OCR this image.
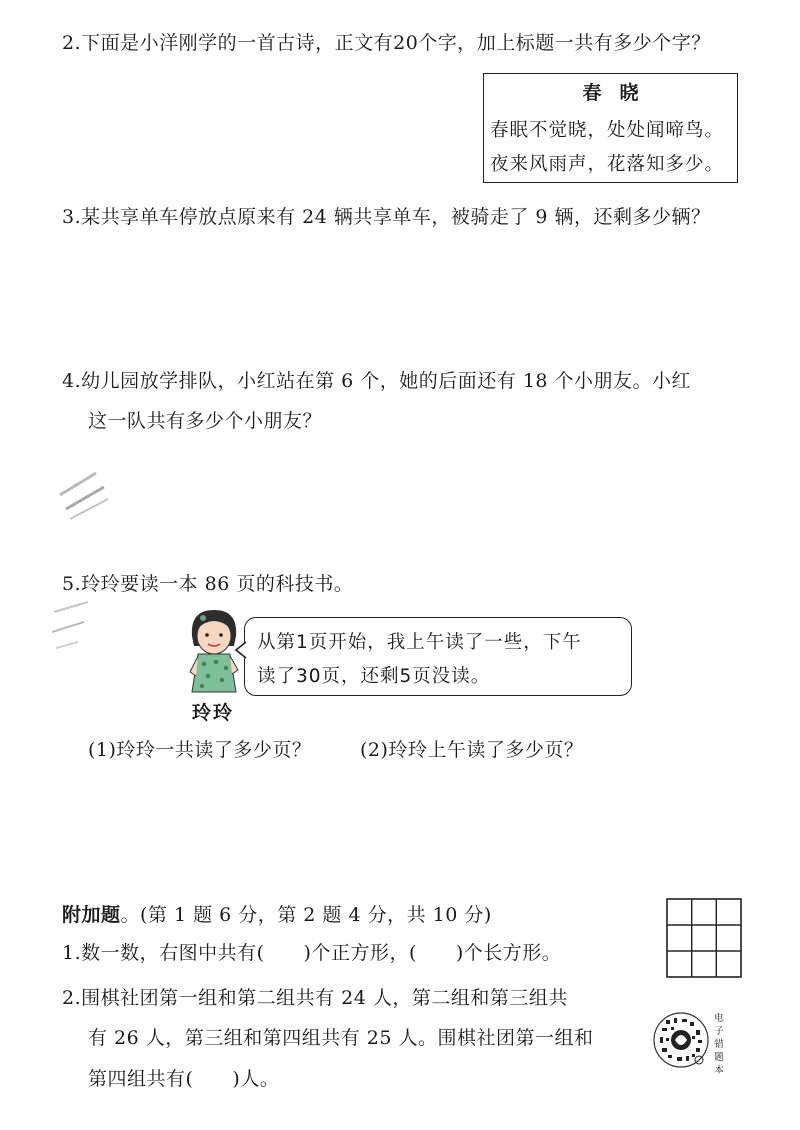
2.下面是小洋刚学的一首古诗，正文有20个字，加上标题一共有多少个字？
春晓
春眠不觉晓，处处闻啼鸟。
夜来风雨声，花落知多少。
3.某共享单车停放点原来有 24 辆共享单车，被骑走了 9 辆，还剩多少辆？
4.幼儿园放学排队，小红站在第 6 个，她的后面还有 18 个小朋友。小红
这一队共有多少个小朋友？
5.玲玲要读一本 86 页的科技书。
玲玲
从第1页开始，我上午读了一些，下午
读了30页，还剩5页没读。
(1)玲玲一共读了多少页？	(2)玲玲上午读了多少页？
附加题。(第 1 题 6 分，第 2 题 4 分，共 10 分)
1.数一数，右图中共有(　　)个正方形，(　　)个长方形。
2.围棋社团第一组和第二组共有 24 人，第二组和第三组共
有 26 人，第三组和第四组共有 25 人。围棋社团第一组和
第四组共有(　　)人。
电子错题本
